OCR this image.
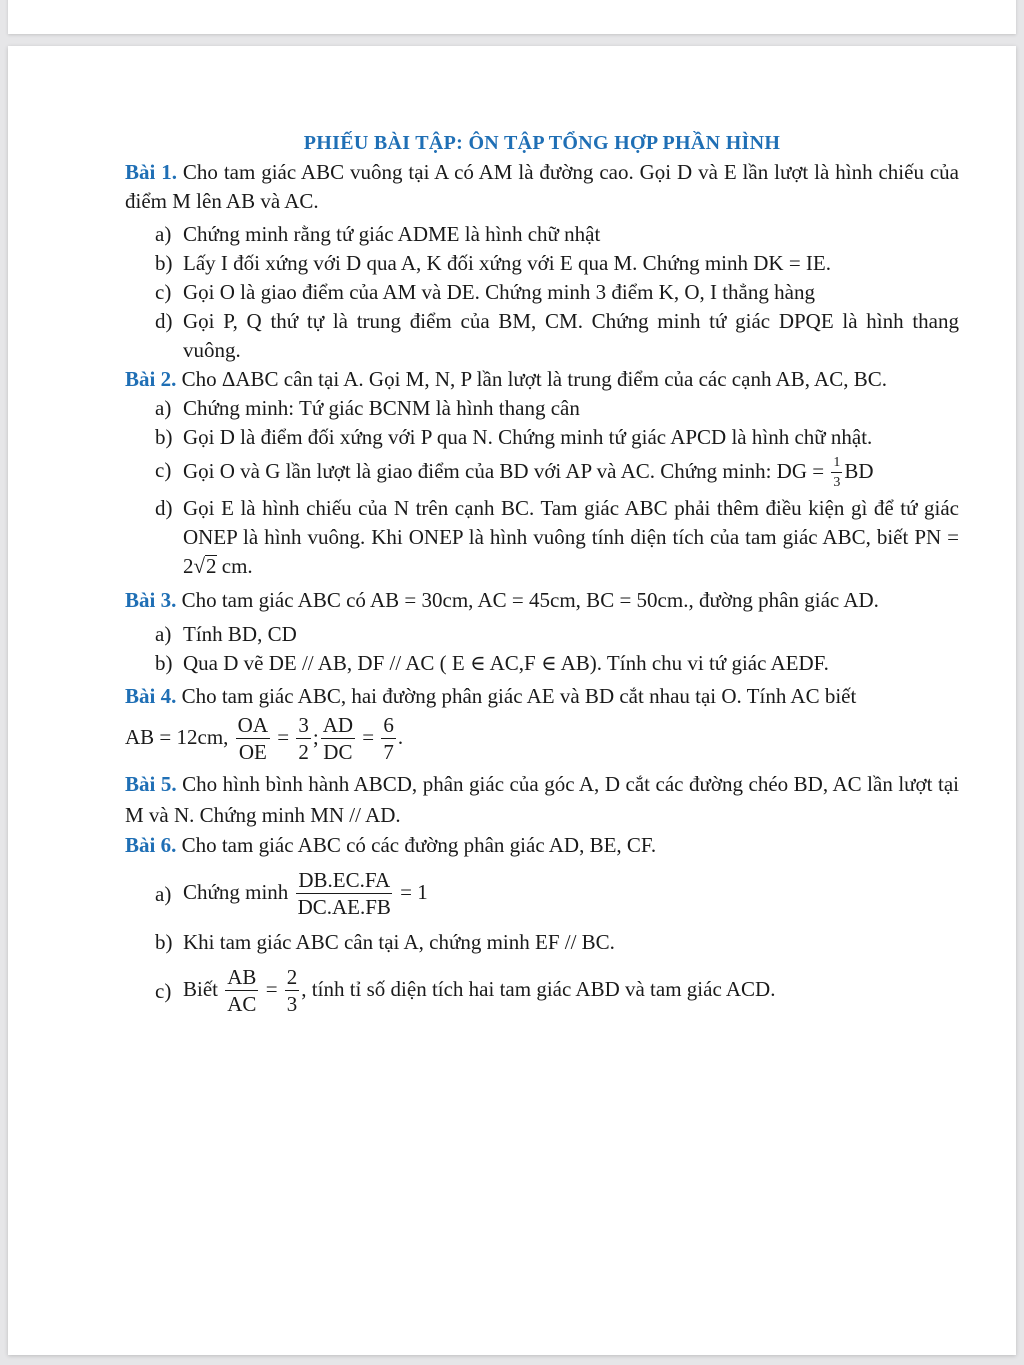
PHIẾU BÀI TẬP: ÔN TẬP TỔNG HỢP PHẦN HÌNH
Bài 1. Cho tam giác ABC vuông tại A có AM là đường cao. Gọi D và E lần lượt là hình chiếu của điểm M lên AB và AC.
a) Chứng minh rằng tứ giác ADME là hình chữ nhật
b) Lấy I đối xứng với D qua A, K đối xứng với E qua M. Chứng minh DK = IE.
c) Gọi O là giao điểm của AM và DE. Chứng minh 3 điểm K, O, I thẳng hàng
d) Gọi P, Q thứ tự là trung điểm của BM, CM. Chứng minh tứ giác DPQE là hình thang vuông.
Bài 2. Cho ΔABC cân tại A. Gọi M, N, P lần lượt là trung điểm của các cạnh AB, AC, BC.
a) Chứng minh: Tứ giác BCNM là hình thang cân
b) Gọi D là điểm đối xứng với P qua N. Chứng minh tứ giác APCD là hình chữ nhật.
c) Gọi O và G lần lượt là giao điểm của BD với AP và AC. Chứng minh: DG = $\frac{1}{3}$ BD
d) Gọi E là hình chiếu của N trên cạnh BC. Tam giác ABC phải thêm điều kiện gì để tứ giác ONEP là hình vuông. Khi ONEP là hình vuông tính diện tích của tam giác ABC, biết PN = 2√2 cm.
Bài 3. Cho tam giác ABC có AB = 30cm, AC = 45cm, BC = 50cm., đường phân giác AD.
a) Tính BD, CD
b) Qua D vẽ DE // AB, DF // AC ( E ∈ AC,F ∈ AB). Tính chu vi tứ giác AEDF.
Bài 4. Cho tam giác ABC, hai đường phân giác AE và BD cắt nhau tại O. Tính AC biết
AB = 12cm, $\frac{OA}{OE} = \frac{3}{2}$ ; $\frac{AD}{DC} = \frac{6}{7}$ .
Bài 5. Cho hình bình hành ABCD, phân giác của góc A, D cắt các đường chéo BD, AC lần lượt tại M và N. Chứng minh MN // AD.
Bài 6. Cho tam giác ABC có các đường phân giác AD, BE, CF.
a) Chứng minh $\frac{DB.EC.FA}{DC.AE.FB} = 1$
b) Khi tam giác ABC cân tại A, chứng minh EF // BC.
c) Biết $\frac{AB}{AC} = \frac{2}{3}$ , tính tỉ số diện tích hai tam giác ABD và tam giác ACD.
